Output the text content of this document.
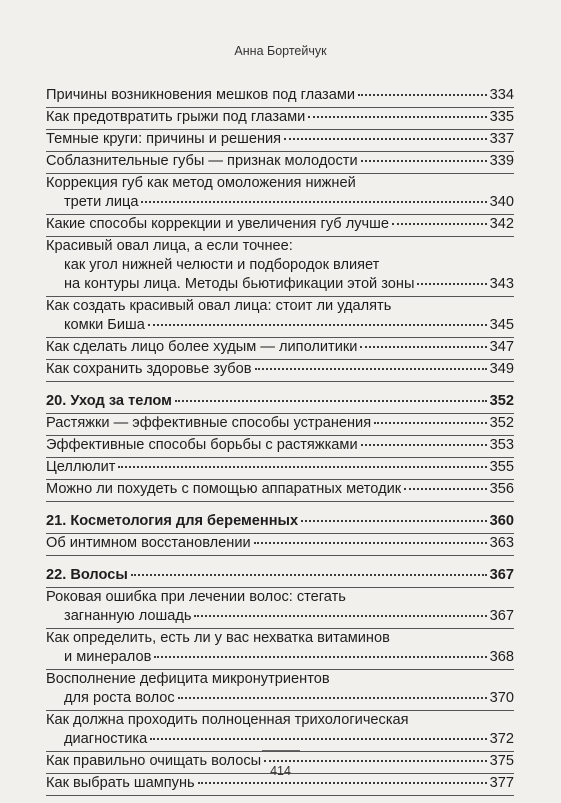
Анна Бортейчук
Причины возникновения мешков под глазами	334
Как предотвратить грыжи под глазами	335
Темные круги: причины и решения	337
Соблазнительные губы — признак молодости	339
Коррекция губ как метод омоложения нижней
трети лица	340
Какие способы коррекции и увеличения губ лучше	342
Красивый овал лица, а если точнее:
как угол нижней челюсти и подбородок влияет
на контуры лица. Методы бьютификации этой зоны	343
Как создать красивый овал лица: стоит ли удалять
комки Биша	345
Как сделать лицо более худым — липолитики	347
Как сохранить здоровье зубов	349
20. Уход за телом	352
Растяжки — эффективные способы устранения	352
Эффективные способы борьбы с растяжками	353
Целлюлит	355
Можно ли похудеть с помощью аппаратных методик	356
21. Косметология для беременных	360
Об интимном восстановлении	363
22. Волосы	367
Роковая ошибка при лечении волос: стегать
загнанную лошадь	367
Как определить, есть ли у вас нехватка витаминов
и минералов	368
Восполнение дефицита микронутриентов
для роста волос	370
Как должна проходить полноценная трихологическая
диагностика	372
Как правильно очищать волосы	375
Как выбрать шампунь	377
414
